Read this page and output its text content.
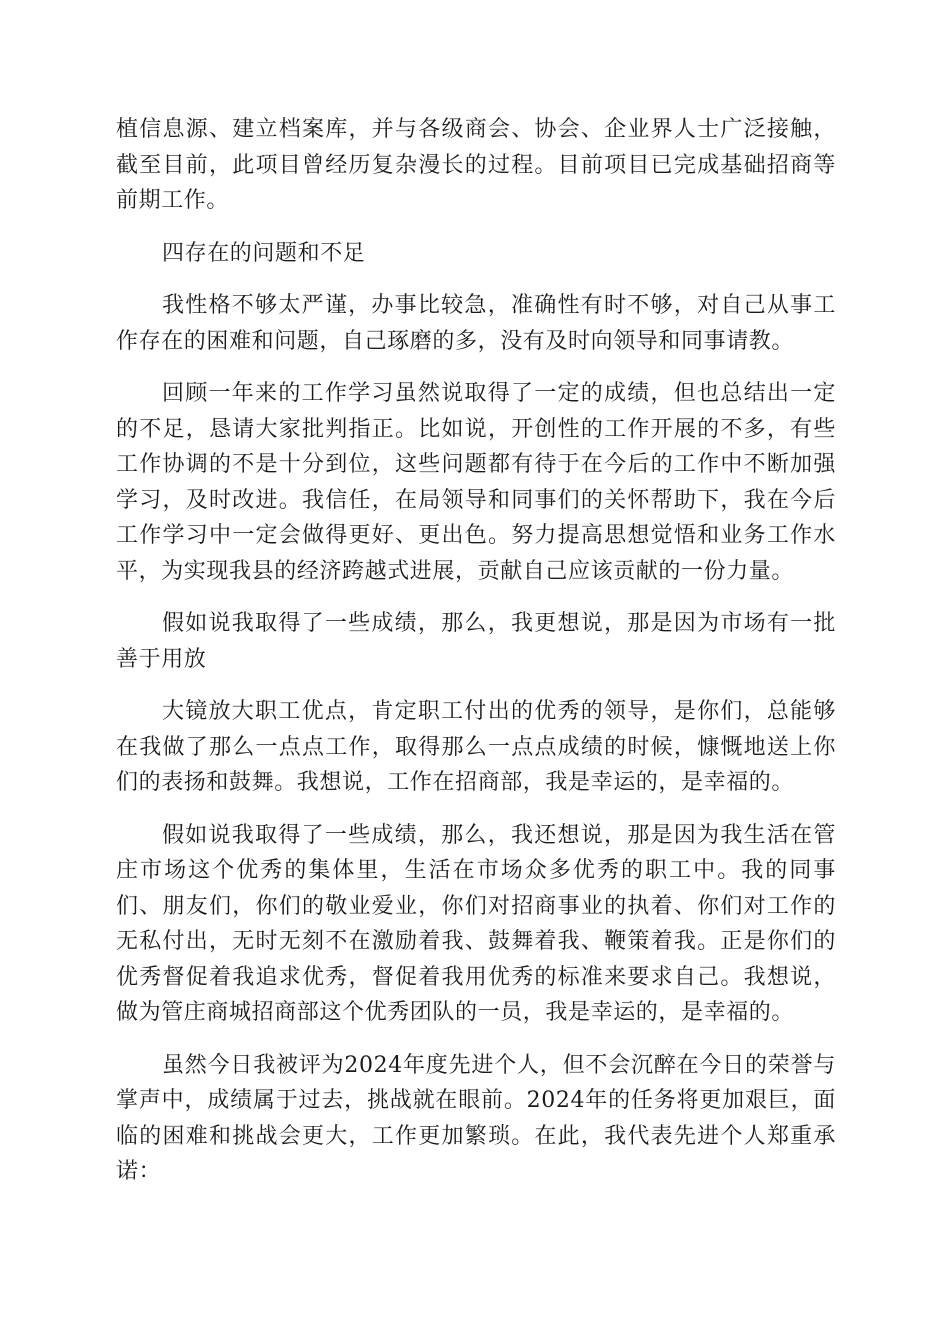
植信息源、建立档案库，并与各级商会、协会、企业界人士广泛接触，截至目前，此项目曾经历复杂漫长的过程。目前项目已完成基础招商等前期工作。

四存在的问题和不足

我性格不够太严谨，办事比较急，准确性有时不够，对自己从事工作存在的困难和问题，自己琢磨的多，没有及时向领导和同事请教。

回顾一年来的工作学习虽然说取得了一定的成绩，但也总结出一定的不足，恳请大家批判指正。比如说，开创性的工作开展的不多，有些工作协调的不是十分到位，这些问题都有待于在今后的工作中不断加强学习，及时改进。我信任，在局领导和同事们的关怀帮助下，我在今后工作学习中一定会做得更好、更出色。努力提高思想觉悟和业务工作水平，为实现我县的经济跨越式进展，贡献自己应该贡献的一份力量。

假如说我取得了一些成绩，那么，我更想说，那是因为市场有一批善于用放

大镜放大职工优点，肯定职工付出的优秀的领导，是你们，总能够在我做了那么一点点工作，取得那么一点点成绩的时候，慷慨地送上你们的表扬和鼓舞。我想说，工作在招商部，我是幸运的，是幸福的。

假如说我取得了一些成绩，那么，我还想说，那是因为我生活在管庄市场这个优秀的集体里，生活在市场众多优秀的职工中。我的同事们、朋友们，你们的敬业爱业，你们对招商事业的执着、你们对工作的无私付出，无时无刻不在激励着我、鼓舞着我、鞭策着我。正是你们的优秀督促着我追求优秀，督促着我用优秀的标准来要求自己。我想说，做为管庄商城招商部这个优秀团队的一员，我是幸运的，是幸福的。

虽然今日我被评为2024年度先进个人，但不会沉醉在今日的荣誉与掌声中，成绩属于过去，挑战就在眼前。2024年的任务将更加艰巨，面临的困难和挑战会更大，工作更加繁琐。在此，我代表先进个人郑重承诺：
